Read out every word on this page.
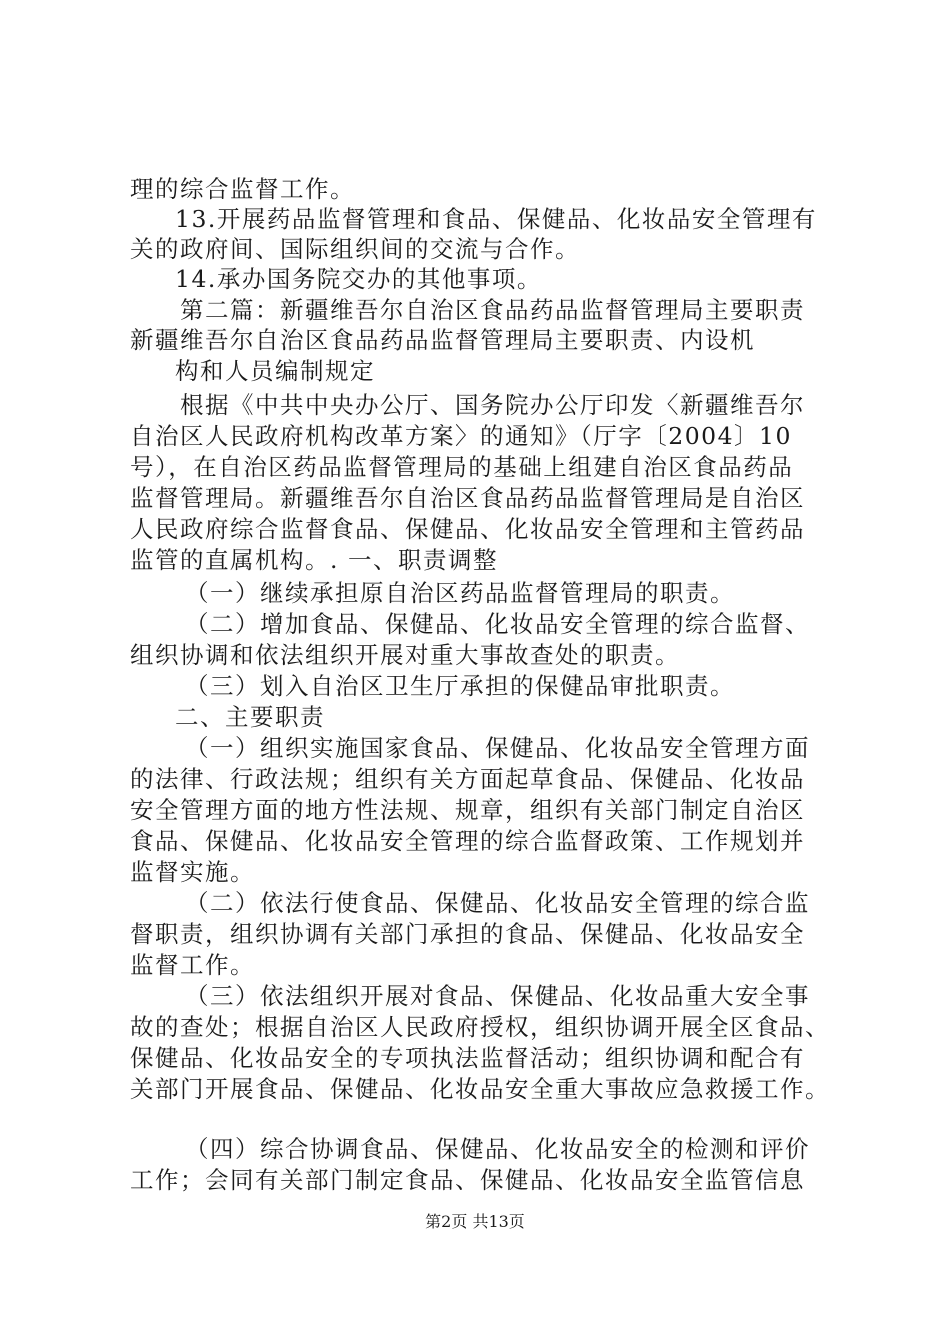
理的综合监督工作。
13.开展药品监督管理和食品、保健品、化妆品安全管理有
关的政府间、国际组织间的交流与合作。
14.承办国务院交办的其他事项。
第二篇：新疆维吾尔自治区食品药品监督管理局主要职责
新疆维吾尔自治区食品药品监督管理局主要职责、内设机
构和人员编制规定
根据《中共中央办公厅、国务院办公厅印发〈新疆维吾尔
自治区人民政府机构改革方案〉的通知》（厅字〔2004〕10
号），在自治区药品监督管理局的基础上组建自治区食品药品
监督管理局。新疆维吾尔自治区食品药品监督管理局是自治区
人民政府综合监督食品、保健品、化妆品安全管理和主管药品
监管的直属机构。. 一、职责调整
（一）继续承担原自治区药品监督管理局的职责。
（二）增加食品、保健品、化妆品安全管理的综合监督、
组织协调和依法组织开展对重大事故查处的职责。
（三）划入自治区卫生厅承担的保健品审批职责。
二、主要职责
（一）组织实施国家食品、保健品、化妆品安全管理方面
的法律、行政法规；组织有关方面起草食品、保健品、化妆品
安全管理方面的地方性法规、规章，组织有关部门制定自治区
食品、保健品、化妆品安全管理的综合监督政策、工作规划并
监督实施。
（二）依法行使食品、保健品、化妆品安全管理的综合监
督职责，组织协调有关部门承担的食品、保健品、化妆品安全
监督工作。
（三）依法组织开展对食品、保健品、化妆品重大安全事
故的查处；根据自治区人民政府授权，组织协调开展全区食品、
保健品、化妆品安全的专项执法监督活动；组织协调和配合有
关部门开展食品、保健品、化妆品安全重大事故应急救援工作。
（四）综合协调食品、保健品、化妆品安全的检测和评价
工作；会同有关部门制定食品、保健品、化妆品安全监管信息
第2页 共13页
